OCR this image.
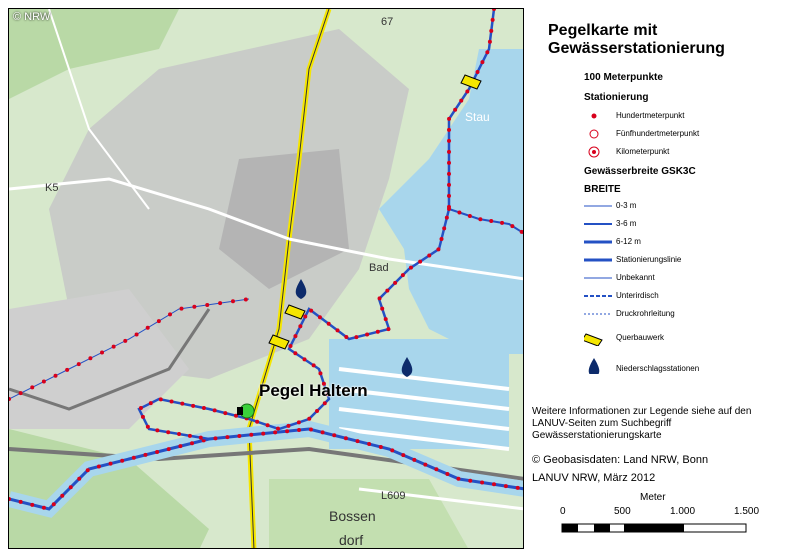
Bad
Bossen
dorf
L609
K5
67
Stau
© NRW
Pegel Haltern
Pegelkarte mit
Gewässerstationierung
100 Meterpunkte
Stationierung
Hundertmeterpunkt
Fünfhundertmeterpunkt
Kilometerpunkt
Gewässerbreite GSK3C
BREITE
0-3 m
3-6 m
6-12 m
Stationierungslinie
Unbekannt
Unterirdisch
Druckrohrleitung
Querbauwerk
Niederschlagsstationen
Weitere Informationen zur Legende siehe auf den LANUV-Seiten zum Suchbegriff Gewässerstationierungskarte
© Geobasisdaten: Land NRW, Bonn
LANUV NRW, März 2012
Meter
0	500	1.000	1.500
